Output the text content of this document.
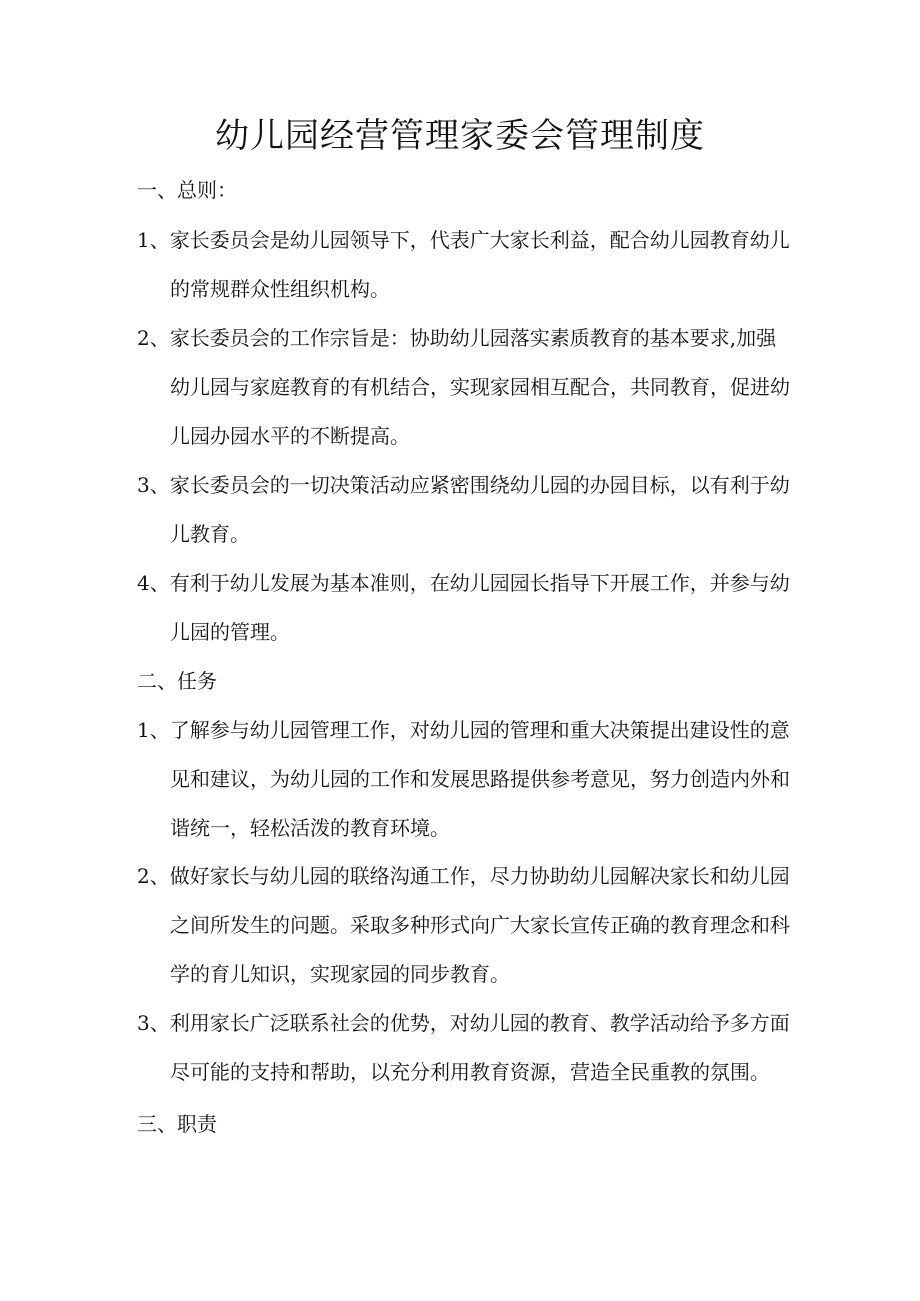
幼儿园经营管理家委会管理制度
一、总则：
1、家长委员会是幼儿园领导下，代表广大家长利益，配合幼儿园教育幼儿
的常规群众性组织机构。
2、家长委员会的工作宗旨是：协助幼儿园落实素质教育的基本要求,加强
幼儿园与家庭教育的有机结合，实现家园相互配合，共同教育，促进幼
儿园办园水平的不断提高。
3、家长委员会的一切决策活动应紧密围绕幼儿园的办园目标，以有利于幼
儿教育。
4、有利于幼儿发展为基本准则，在幼儿园园长指导下开展工作，并参与幼
儿园的管理。
二、任务
1、了解参与幼儿园管理工作，对幼儿园的管理和重大决策提出建设性的意
见和建议，为幼儿园的工作和发展思路提供参考意见，努力创造内外和
谐统一，轻松活泼的教育环境。
2、做好家长与幼儿园的联络沟通工作，尽力协助幼儿园解决家长和幼儿园
之间所发生的问题。采取多种形式向广大家长宣传正确的教育理念和科
学的育儿知识，实现家园的同步教育。
3、利用家长广泛联系社会的优势，对幼儿园的教育、教学活动给予多方面
尽可能的支持和帮助，以充分利用教育资源，营造全民重教的氛围。
三、职责
